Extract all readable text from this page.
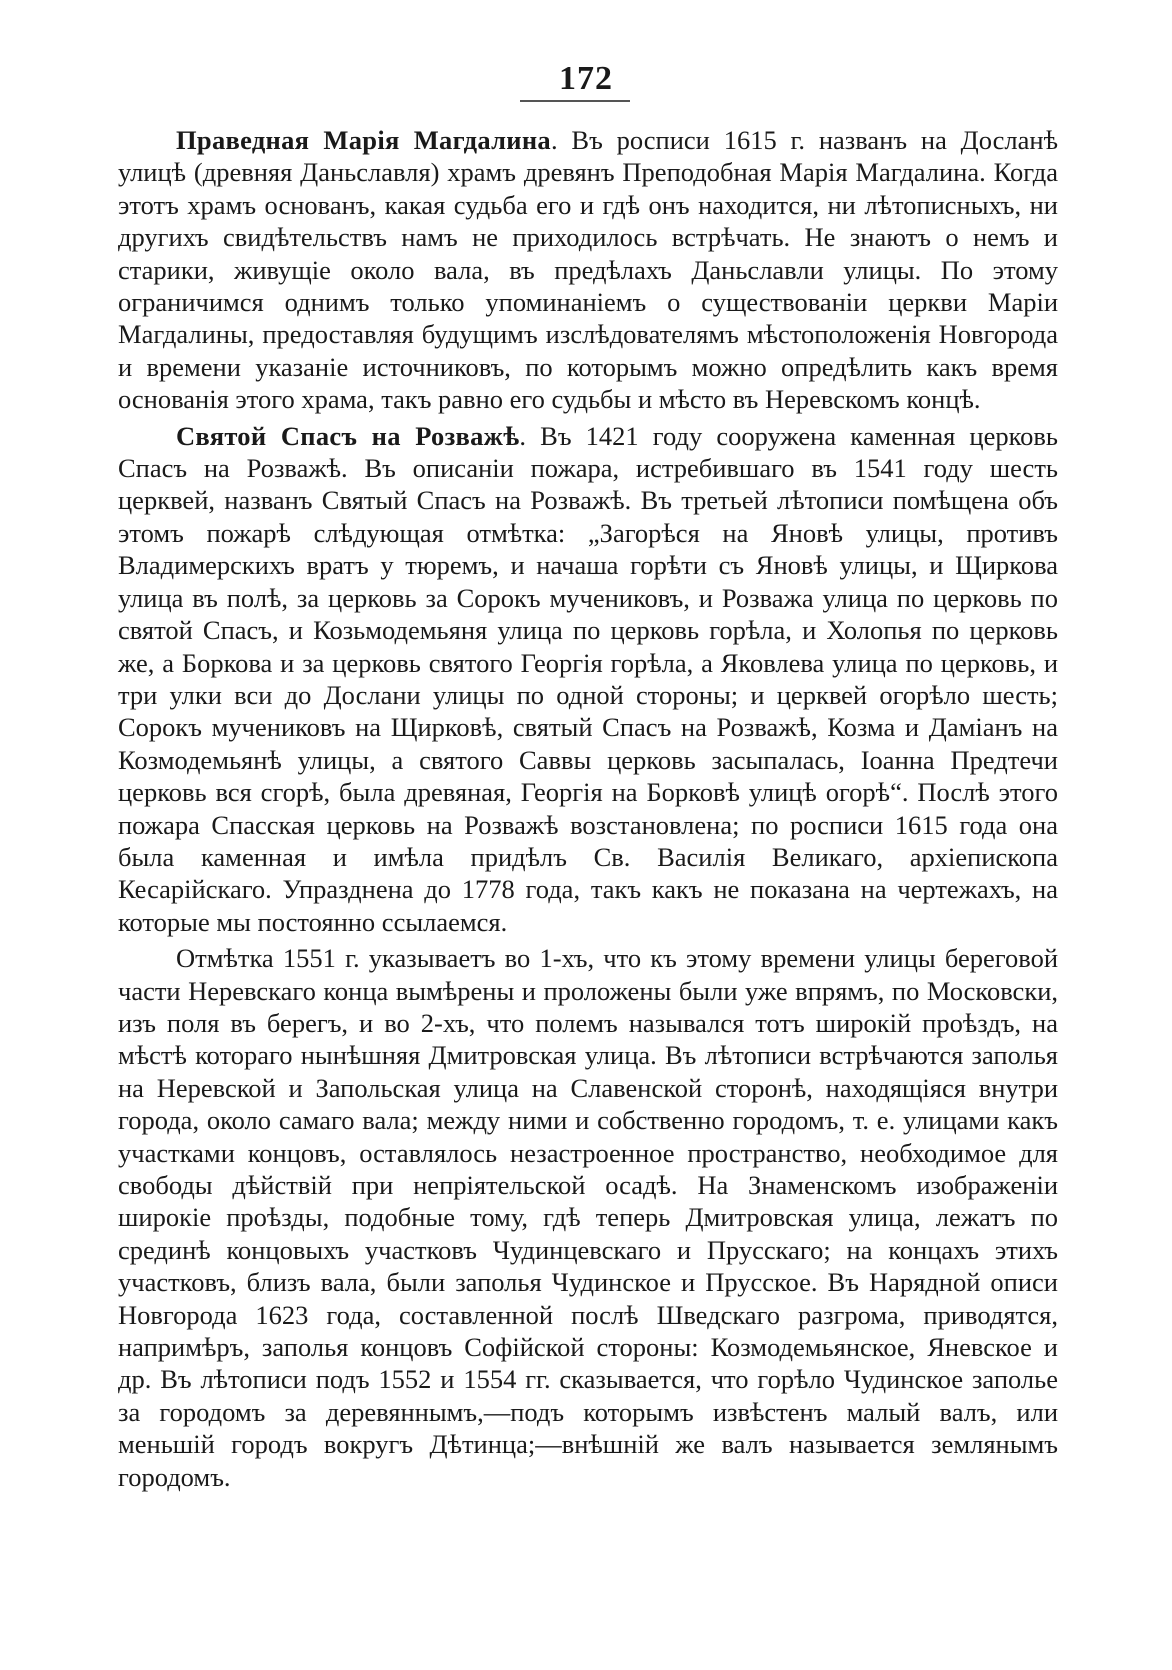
172

Праведная Марія Магдалина. Въ росписи 1615 г. названъ на Досланѣ улицѣ (древняя Даньславля) храмъ древянъ Преподобная Марія Магдалина. Когда этотъ храмъ основанъ, какая судьба его и гдѣ онъ находится, ни лѣтописныхъ, ни другихъ свидѣтельствъ намъ не приходилось встрѣчать. Не знаютъ о немъ и старики, живущіе около вала, въ предѣлахъ Даньславли улицы. По этому ограничимся однимъ только упоминаніемъ о существованіи церкви Маріи Магдалины, предоставляя будущимъ изслѣдователямъ мѣстоположенія Новгорода и времени указаніе источниковъ, по которымъ можно опредѣлить какъ время основанія этого храма, такъ равно его судьбы и мѣсто въ Неревскомъ концѣ.

Святой Спасъ на Розважѣ. Въ 1421 году сооружена каменная церковь Спасъ на Розважѣ. Въ описаніи пожара, истребившаго въ 1541 году шесть церквей, названъ Святый Спасъ на Розважѣ. Въ третьей лѣтописи помѣщена объ этомъ пожарѣ слѣдующая отмѣтка: „Загорѣся на Яновѣ улицы, противъ Владимерскихъ вратъ у тюремъ, и начаша горѣти съ Яновѣ улицы, и Щиркова улица въ полѣ, за церковь за Сорокъ мучениковъ, и Розважа улица по церковь по святой Спасъ, и Козьмодемьяня улица по церковь горѣла, и Холопья по церковь же, а Боркова и за церковь святого Георгія горѣла, а Яковлева улица по церковь, и три улки вси до Дослани улицы по одной стороны; и церквей огорѣло шесть; Сорокъ мучениковъ на Щирковѣ, святый Спасъ на Розважѣ, Козма и Даміанъ на Козмодемьянѣ улицы, а святого Саввы церковь засыпалась, Іоанна Предтечи церковь вся сгорѣ, была древяная, Георгія на Борковѣ улицѣ огорѣ“. Послѣ этого пожара Спасская церковь на Розважѣ возстановлена; по росписи 1615 года она была каменная и имѣла придѣлъ Св. Василія Великаго, архіепископа Кесарійскаго. Упразднена до 1778 года, такъ какъ не показана на чертежахъ, на которые мы постоянно ссылаемся.

Отмѣтка 1551 г. указываетъ во 1-хъ, что къ этому времени улицы береговой части Неревскаго конца вымѣрены и проложены были уже впрямъ, по Московски, изъ поля въ берегъ, и во 2-хъ, что полемъ назывался тотъ широкій проѣздъ, на мѣстѣ котораго нынѣшняя Дмитровская улица. Въ лѣтописи встрѣчаются заполья на Неревской и Запольская улица на Славенской сторонѣ, находящіяся внутри города, около самаго вала; между ними и собственно городомъ, т. е. улицами какъ участками концовъ, оставлялось незастроенное пространство, необходимое для свободы дѣйствій при непріятельской осадѣ. На Знаменскомъ изображеніи широкіе проѣзды, подобные тому, гдѣ теперь Дмитровская улица, лежатъ по срединѣ концовыхъ участковъ Чудинцевскаго и Прусскаго; на концахъ этихъ участковъ, близъ вала, были заполья Чудинское и Прусское. Въ Нарядной описи Новгорода 1623 года, составленной послѣ Шведскаго разгрома, приводятся, напримѣръ, заполья концовъ Софійской стороны: Козмодемьянское, Яневское и др. Въ лѣтописи подъ 1552 и 1554 гг. сказывается, что горѣло Чудинское заполье за городомъ за деревяннымъ,—подъ которымъ извѣстенъ малый валъ, или меньшій городъ вокругъ Дѣтинца;—внѣшній же валъ называется землянымъ городомъ.
